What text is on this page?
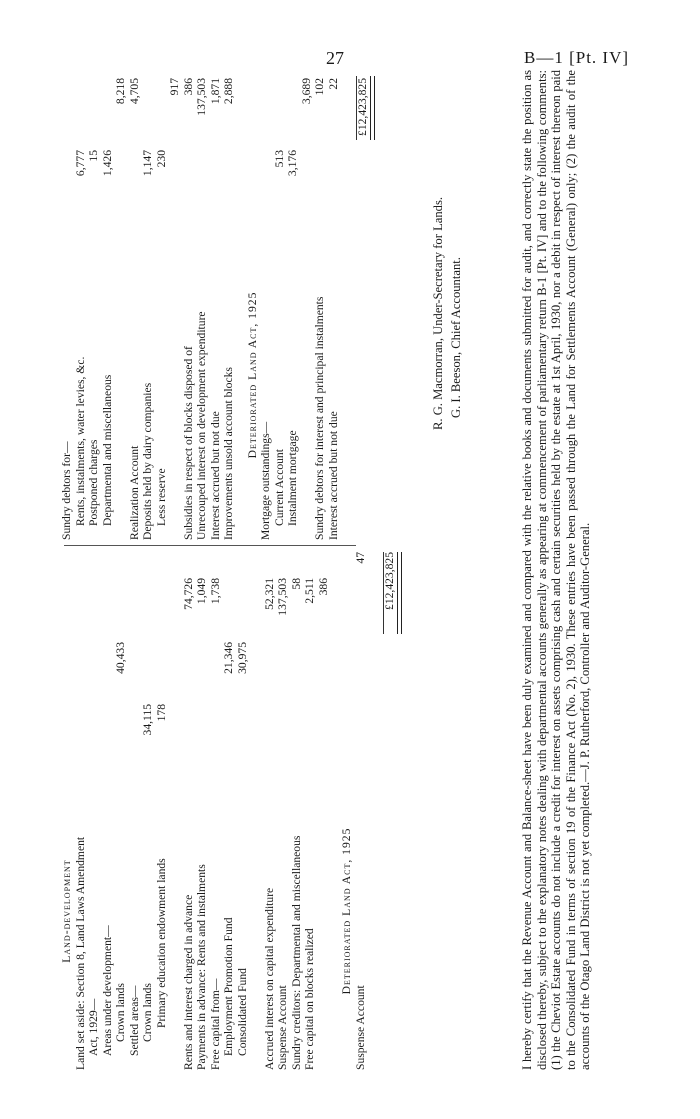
27	B—1 [Pt. IV]
Land-development Land set aside: Section 8, Land Laws Amendment Act, 1929— Areas under development— Crown lands
40,433
Settled areas— Crown lands
34,115
Primary education endowment lands
178
Rents and interest charged in advance
74,726
Payments in advance: Rents and instalments
1,049
Free capital from—
1,738
Employment Promotion Fund
21,346
Consolidated Fund
30,975
Accrued interest on capital expenditure
52,321
Suspense Account
137,503
Sundry creditors: Departmental and miscellaneous
58
Free capital on blocks realized
2,511 386
Deteriorated Land Act, 1925
Suspense Account
47 £12,423,825
Sundry debtors for— Rents, instalments, water levies, &c.
6,777
Postponed charges
15
Departmental and miscellaneous
1,426
8,218
Realization Account
4,705
Deposits held by dairy companies
1,147
Less reserve
230
917
Subsidies in respect of blocks disposed of
386
Unrecouped interest on development expenditure
137,503
Interest accrued but not due
1,871
Improvements unsold account blocks
2,888
Deteriorated Land Act, 1925
Mortgage outstandings— Current Account
513
Instalment mortgage
3,176
3,689
Sundry debtors for interest and principal instalments
102
Interest accrued but not due
22 £12,423,825
R. G. Macmorran, Under-Secretary for Lands. G. I. Beeson, Chief Accountant.	I hereby certify that the Revenue Account and Balance-sheet have been duly examined and compared with the relative books and documents submitted for audit, and correctly state the position as disclosed thereby, subject to the explanatory notes dealing with departmental accounts generally as appearing at commencement of parliamentary return B-1 [Pt. IV] and to the following comments: (1) the Cheviot Estate accounts do not include a credit for interest on assets comprising cash and certain securities held by the estate at 1st April, 1930, nor a debit in respect of interest thereon paid to the Consolidated Fund in terms of section 19 of the Finance Act (No. 2), 1930. These entries have been passed through the Land for Settlements Account (General) only; (2) the audit of the accounts of the Otago Land District is not yet completed.—J. P. Rutherford, Controller and Auditor-General.
